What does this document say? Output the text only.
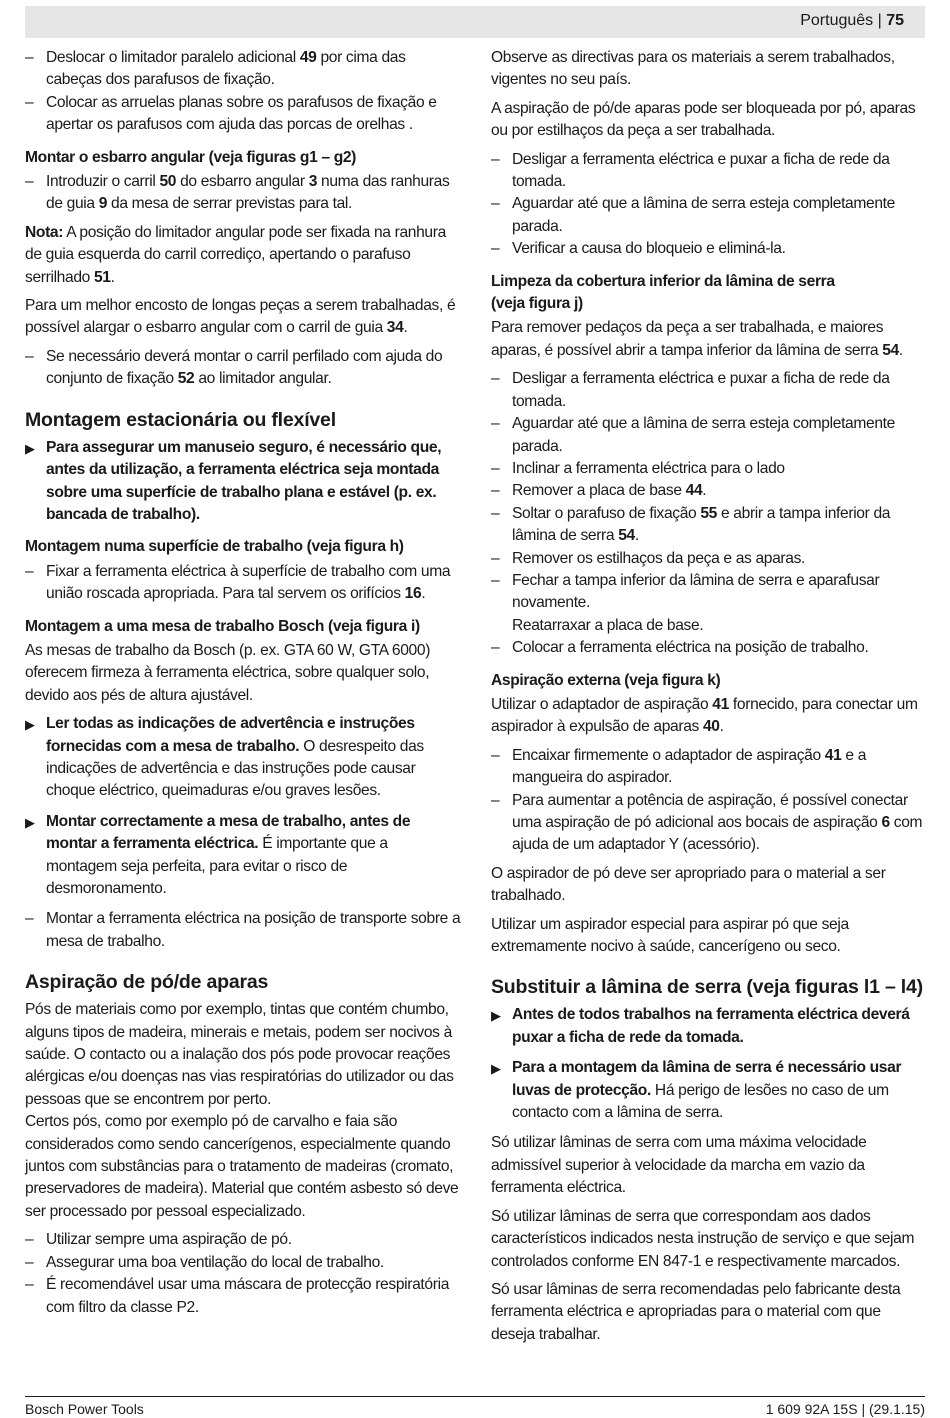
Português | 75
– Deslocar o limitador paralelo adicional 49 por cima das cabeças dos parafusos de fixação.
– Colocar as arruelas planas sobre os parafusos de fixação e apertar os parafusos com ajuda das porcas de orelhas .
Montar o esbarro angular (veja figuras g1 – g2)
– Introduzir o carril 50 do esbarro angular 3 numa das ranhuras de guia 9 da mesa de serrar previstas para tal.

Nota: A posição do limitador angular pode ser fixada na ranhura de guia esquerda do carril corrediço, apertando o parafuso serrilhado 51.

Para um melhor encosto de longas peças a serem trabalhadas, é possível alargar o esbarro angular com o carril de guia 34.

– Se necessário deverá montar o carril perfilado com ajuda do conjunto de fixação 52 ao limitador angular.
Montagem estacionária ou flexível
▶ Para assegurar um manuseio seguro, é necessário que, antes da utilização, a ferramenta eléctrica seja montada sobre uma superfície de trabalho plana e estável (p. ex. bancada de trabalho).
Montagem numa superfície de trabalho (veja figura h)
– Fixar a ferramenta eléctrica à superfície de trabalho com uma união roscada apropriada. Para tal servem os orifícios 16.
Montagem a uma mesa de trabalho Bosch (veja figura i)

As mesas de trabalho da Bosch (p. ex. GTA 60 W, GTA 6000) oferecem firmeza à ferramenta eléctrica, sobre qualquer solo, devido aos pés de altura ajustável.

▶ Ler todas as indicações de advertência e instruções fornecidas com a mesa de trabalho. O desrespeito das indicações de advertência e das instruções pode causar choque eléctrico, queimaduras e/ou graves lesões.
▶ Montar correctamente a mesa de trabalho, antes de montar a ferramenta eléctrica. É importante que a montagem seja perfeita, para evitar o risco de desmoronamento.
– Montar a ferramenta eléctrica na posição de transporte sobre a mesa de trabalho.
Aspiração de pó/de aparas

Pós de materiais como por exemplo, tintas que contém chumbo, alguns tipos de madeira, minerais e metais, podem ser nocivos à saúde. O contacto ou a inalação dos pós pode provocar reações alérgicas e/ou doenças nas vias respiratórias do utilizador ou das pessoas que se encontrem por perto.

Certos pós, como por exemplo pó de carvalho e faia são considerados como sendo cancerígenos, especialmente quando juntos com substâncias para o tratamento de madeiras (cromato, preservadores de madeira). Material que contém asbesto só deve ser processado por pessoal especializado.

– Utilizar sempre uma aspiração de pó.
– Assegurar uma boa ventilação do local de trabalho.
– É recomendável usar uma máscara de protecção respiratória com filtro da classe P2.

Observe as directivas para os materiais a serem trabalhados, vigentes no seu país.

A aspiração de pó/de aparas pode ser bloqueada por pó, aparas ou por estilhaços da peça a ser trabalhada.

– Desligar a ferramenta eléctrica e puxar a ficha de rede da tomada.
– Aguardar até que a lâmina de serra esteja completamente parada.
– Verificar a causa do bloqueio e eliminá-la.
Limpeza da cobertura inferior da lâmina de serra
(veja figura j)

Para remover pedaços da peça a ser trabalhada, e maiores aparas, é possível abrir a tampa inferior da lâmina de serra 54.

– Desligar a ferramenta eléctrica e puxar a ficha de rede da tomada.
– Aguardar até que a lâmina de serra esteja completamente parada.
– Inclinar a ferramenta eléctrica para o lado
– Remover a placa de base 44.
– Soltar o parafuso de fixação 55 e abrir a tampa inferior da lâmina de serra 54.
– Remover os estilhaços da peça e as aparas.
– Fechar a tampa inferior da lâmina de serra e aparafusar novamente.
Reatarraxar a placa de base.
– Colocar a ferramenta eléctrica na posição de trabalho.
Aspiração externa (veja figura k)

Utilizar o adaptador de aspiração 41 fornecido, para conectar um aspirador à expulsão de aparas 40.

– Encaixar firmemente o adaptador de aspiração 41 e a mangueira do aspirador.
– Para aumentar a potência de aspiração, é possível conectar uma aspiração de pó adicional aos bocais de aspiração 6 com ajuda de um adaptador Y (acessório).

O aspirador de pó deve ser apropriado para o material a ser trabalhado.

Utilizar um aspirador especial para aspirar pó que seja extremamente nocivo à saúde, cancerígeno ou seco.

Substituir a lâmina de serra (veja figuras l1 – l4)
▶ Antes de todos trabalhos na ferramenta eléctrica deverá puxar a ficha de rede da tomada.
▶ Para a montagem da lâmina de serra é necessário usar luvas de protecção. Há perigo de lesões no caso de um contacto com a lâmina de serra.

Só utilizar lâminas de serra com uma máxima velocidade admissível superior à velocidade da marcha em vazio da ferramenta eléctrica.

Só utilizar lâminas de serra que correspondam aos dados característicos indicados nesta instrução de serviço e que sejam controlados conforme EN 847-1 e respectivamente marcados.

Só usar lâminas de serra recomendadas pelo fabricante desta ferramenta eléctrica e apropriadas para o material com que deseja trabalhar.

Bosch Power Tools	1 609 92A 15S | (29.1.15)
